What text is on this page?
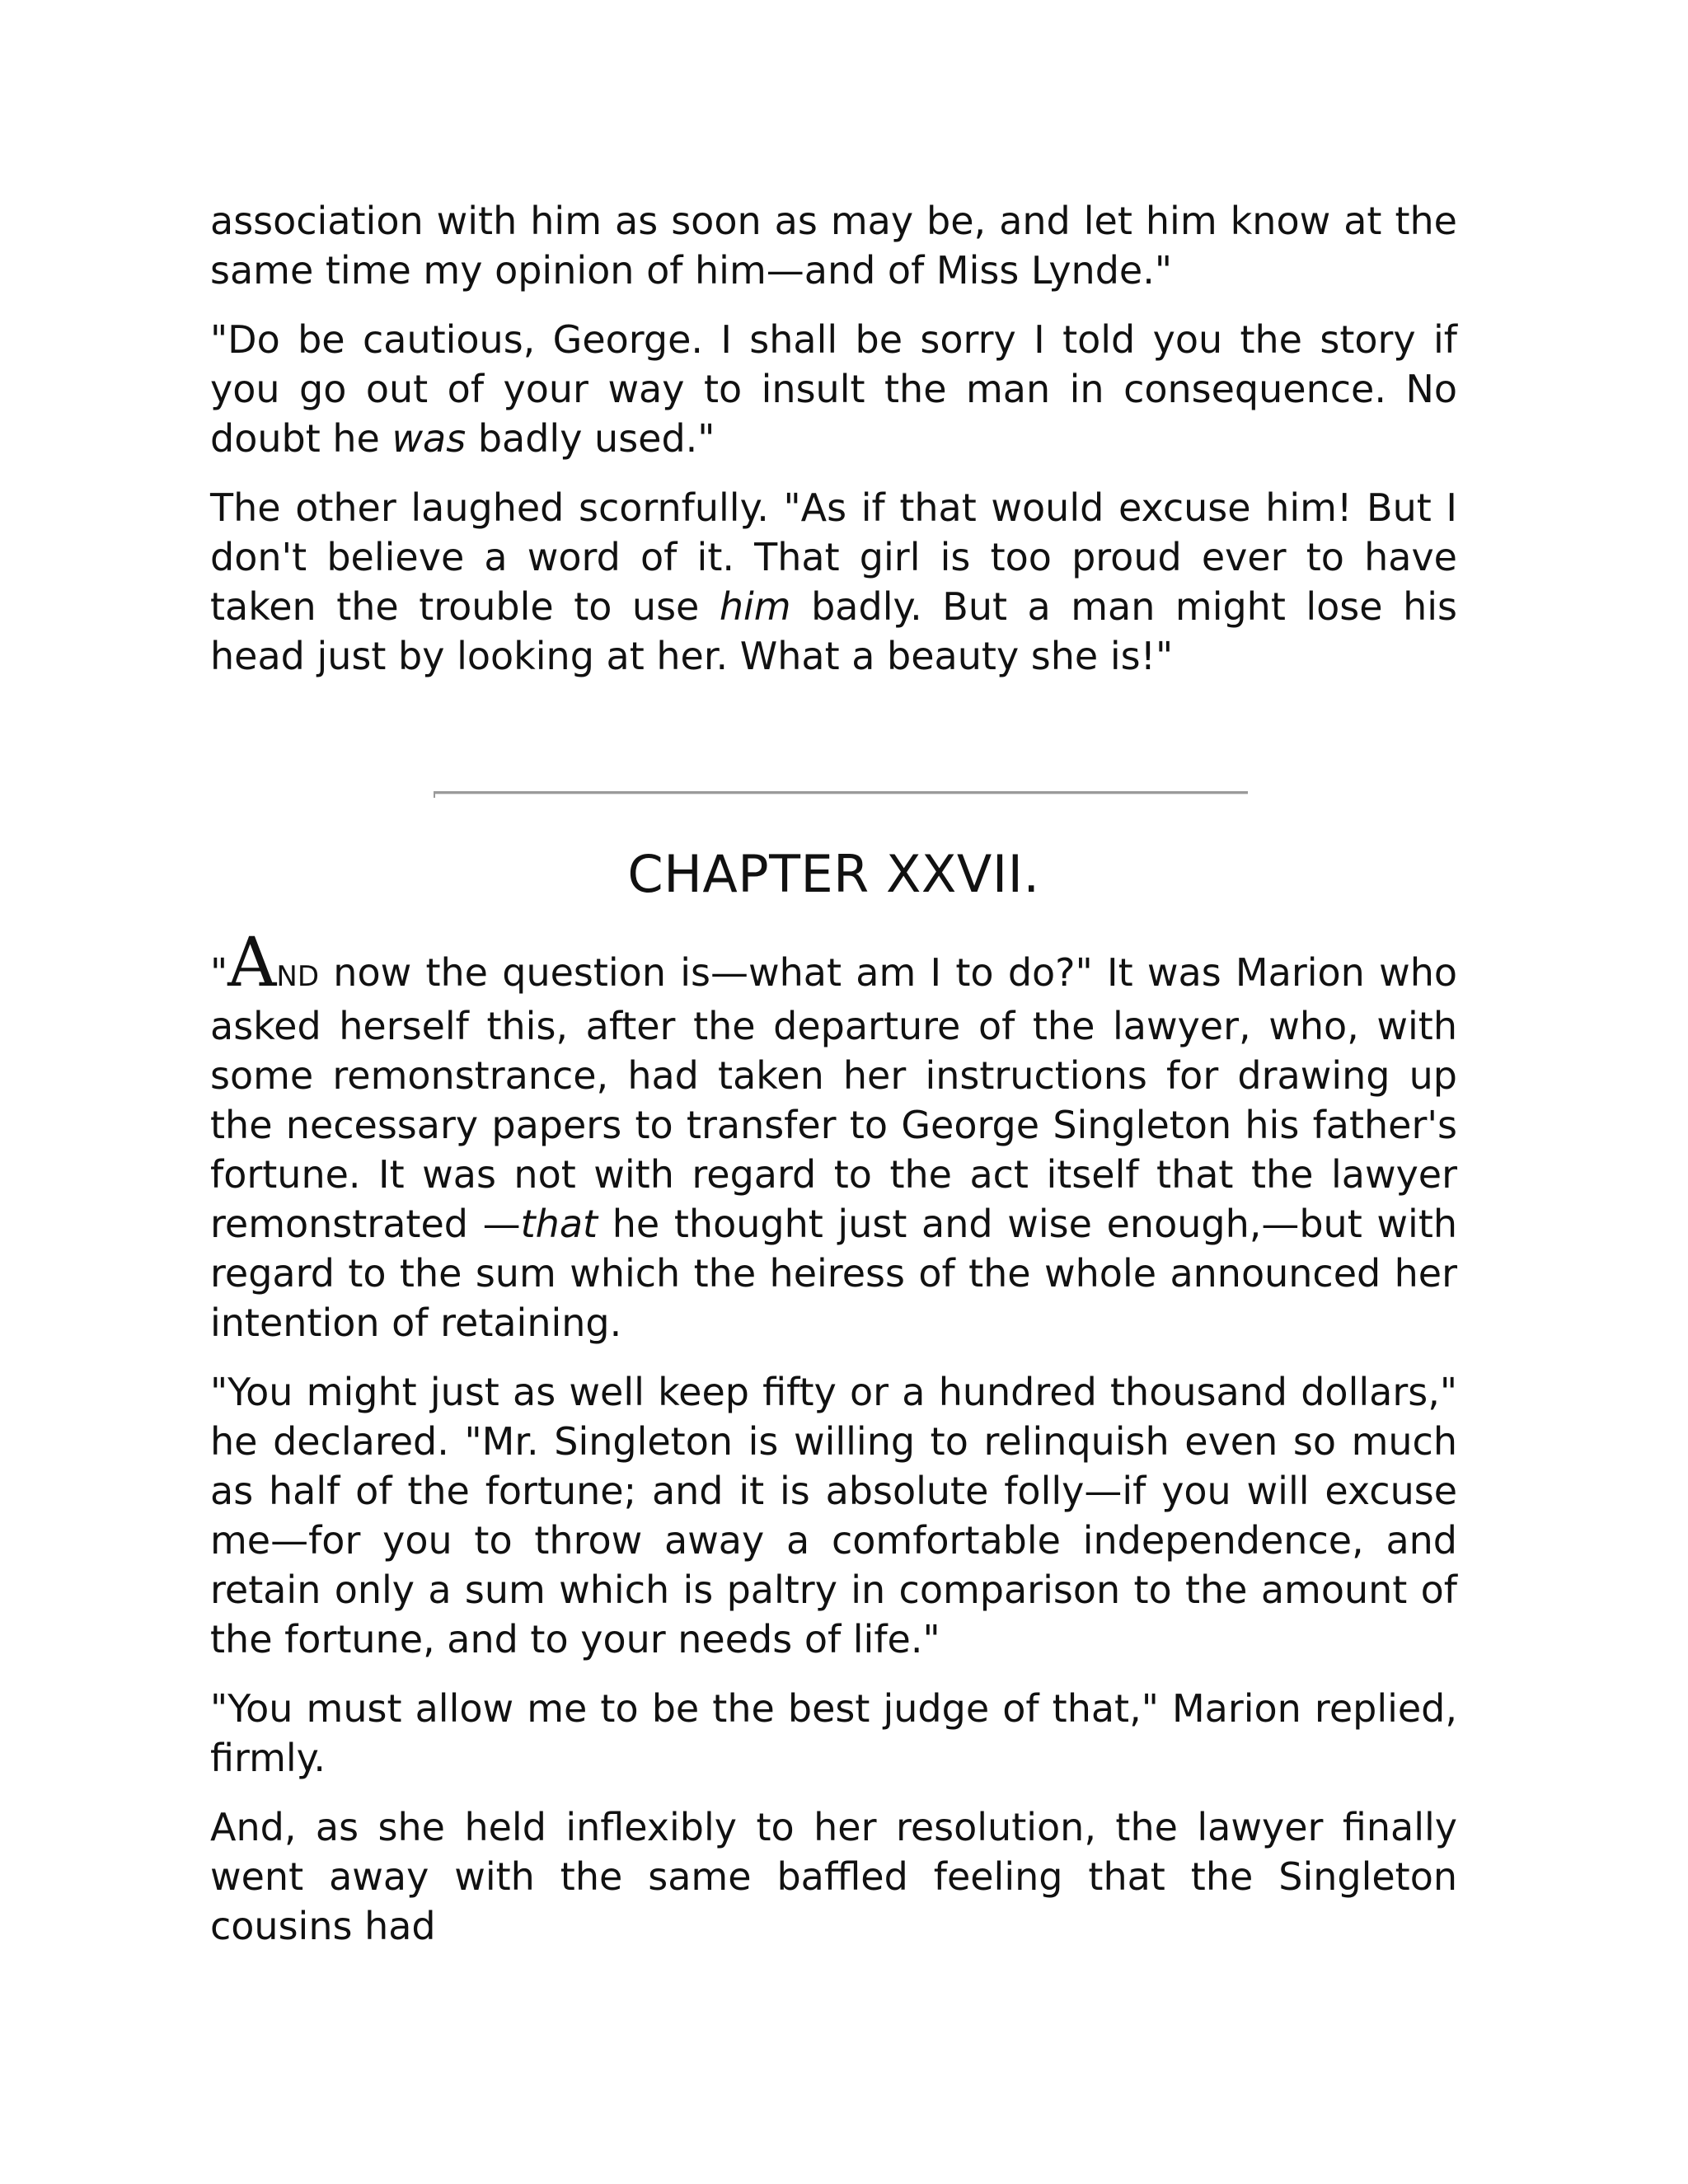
association with him as soon as may be, and let him know at the same time my opinion of him—and of Miss Lynde."

"Do be cautious, George. I shall be sorry I told you the story if you go out of your way to insult the man in consequence. No doubt he was badly used."

The other laughed scornfully. "As if that would excuse him! But I don't believe a word of it. That girl is too proud ever to have taken the trouble to use him badly. But a man might lose his head just by looking at her. What a beauty she is!"

CHAPTER XXVII.

"AND now the question is—what am I to do?" It was Marion who asked herself this, after the departure of the lawyer, who, with some remonstrance, had taken her instructions for drawing up the necessary papers to transfer to George Singleton his father's fortune. It was not with regard to the act itself that the lawyer remonstrated —that he thought just and wise enough,—but with regard to the sum which the heiress of the whole announced her intention of retaining.

"You might just as well keep fifty or a hundred thousand dollars," he declared. "Mr. Singleton is willing to relinquish even so much as half of the fortune; and it is absolute folly—if you will excuse me—for you to throw away a comfortable independence, and retain only a sum which is paltry in comparison to the amount of the fortune, and to your needs of life."

"You must allow me to be the best judge of that," Marion replied, firmly.

And, as she held inflexibly to her resolution, the lawyer finally went away with the same baffled feeling that the Singleton cousins had
